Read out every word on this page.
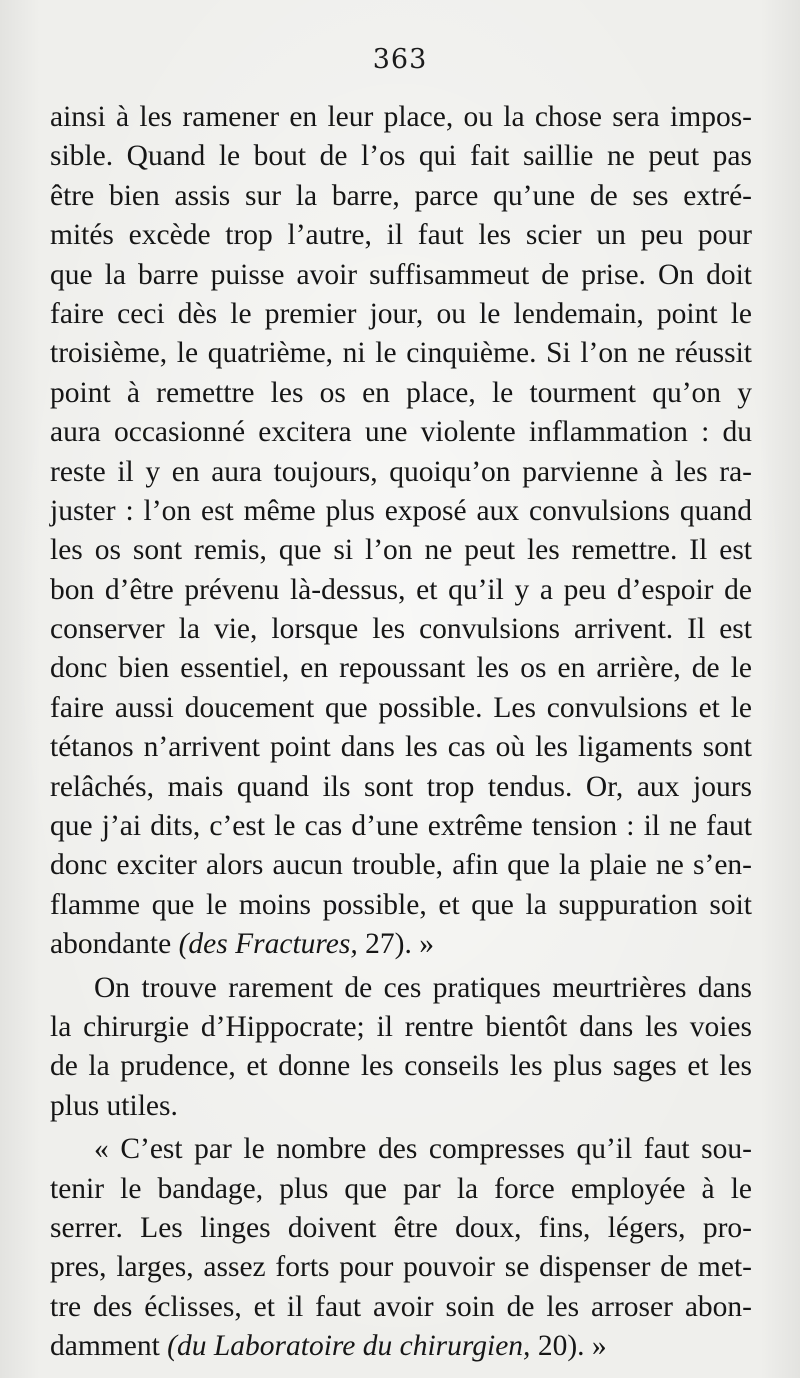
363

ainsi à les ramener en leur place, ou la chose sera impos-
sible. Quand le bout de l’os qui fait saillie ne peut pas
être bien assis sur la barre, parce qu’une de ses extré-
mités excède trop l’autre, il faut les scier un peu pour
que la barre puisse avoir suffisammeut de prise. On doit
faire ceci dès le premier jour, ou le lendemain, point le
troisième, le quatrième, ni le cinquième. Si l’on ne réussit
point à remettre les os en place, le tourment qu’on y
aura occasionné excitera une violente inflammation : du
reste il y en aura toujours, quoiqu’on parvienne à les ra-
juster : l’on est même plus exposé aux convulsions quand
les os sont remis, que si l’on ne peut les remettre. Il est
bon d’être prévenu là-dessus, et qu’il y a peu d’espoir de
conserver la vie, lorsque les convulsions arrivent. Il est
donc bien essentiel, en repoussant les os en arrière, de le
faire aussi doucement que possible. Les convulsions et le
tétanos n’arrivent point dans les cas où les ligaments sont
relâchés, mais quand ils sont trop tendus. Or, aux jours
que j’ai dits, c’est le cas d’une extrême tension : il ne faut
donc exciter alors aucun trouble, afin que la plaie ne s’en-
flamme que le moins possible, et que la suppuration soit
abondante (des Fractures, 27). »

On trouve rarement de ces pratiques meurtrières dans
la chirurgie d’Hippocrate; il rentre bientôt dans les voies
de la prudence, et donne les conseils les plus sages et les
plus utiles.

« C’est par le nombre des compresses qu’il faut sou-
tenir le bandage, plus que par la force employée à le
serrer. Les linges doivent être doux, fins, légers, pro-
pres, larges, assez forts pour pouvoir se dispenser de met-
tre des éclisses, et il faut avoir soin de les arroser abon-
damment (du Laboratoire du chirurgien, 20). »
